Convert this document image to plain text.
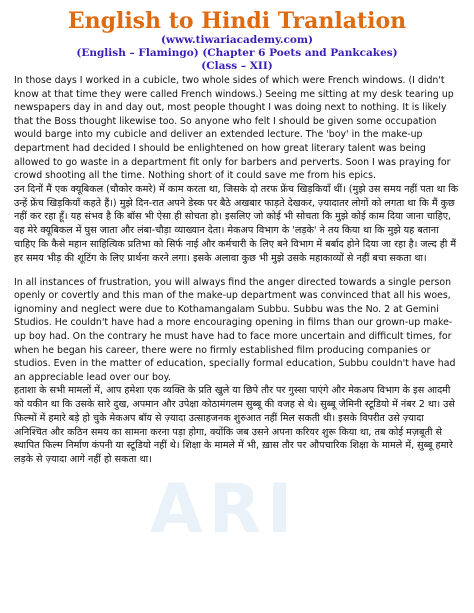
ARI
English to Hindi Tranlation

(www.tiwariacademy.com)

(English – Flamingo) (Chapter 6 Poets and Pankcakes)

(Class – XII)

In those days I worked in a cubicle, two whole sides of which were French windows. (I didn't know at that time they were called French windows.) Seeing me sitting at my desk tearing up newspapers day in and day out, most people thought I was doing next to nothing. It is likely that the Boss thought likewise too. So anyone who felt I should be given some occupation would barge into my cubicle and deliver an extended lecture. The 'boy' in the make-up department had decided I should be enlightened on how great literary talent was being allowed to go waste in a department fit only for barbers and perverts. Soon I was praying for crowd shooting all the time. Nothing short of it could save me from his epics.

उन दिनों मैं एक क्यूबिकल (चौकोर कमरे) में काम करता था, जिसके दो तरफ फ्रेंच खिड़कियाँ थीं। (मुझे उस समय नहीं पता था कि उन्हें फ्रेंच खिड़कियाँ कहते हैं।) मुझे दिन-रात अपने डेस्क पर बैठे अखबार फाड़ते देखकर, ज़्यादातर लोगों को लगता था कि मैं कुछ नहीं कर रहा हूँ। यह संभव है कि बॉस भी ऐसा ही सोचता हो। इसलिए जो कोई भी सोचता कि मुझे कोई काम दिया जाना चाहिए, वह मेरे क्यूबिकल में घुस जाता और लंबा-चौड़ा व्याख्यान देता। मेकअप विभाग के 'लड़के' ने तय किया था कि मुझे यह बताना चाहिए कि कैसे महान साहित्यिक प्रतिभा को सिर्फ नाई और कर्मचारी के लिए बने विभाग में बर्बाद होने दिया जा रहा है। जल्द ही मैं हर समय भीड़ की शूटिंग के लिए प्रार्थना करने लगा। इसके अलावा कुछ भी मुझे उसके महाकाव्यों से नहीं बचा सकता था।

In all instances of frustration, you will always find the anger directed towards a single person openly or covertly and this man of the make-up department was convinced that all his woes, ignominy and neglect were due to Kothamangalam Subbu. Subbu was the No. 2 at Gemini Studios. He couldn't have had a more encouraging opening in films than our grown-up make-up boy had. On the contrary he must have had to face more uncertain and difficult times, for when he began his career, there were no firmly established film producing companies or studios. Even in the matter of education, specially formal education, Subbu couldn't have had an appreciable lead over our boy.

हताशा के सभी मामलों में, आप हमेशा एक व्यक्ति के प्रति खुले या छिपे तौर पर गुस्सा पाएंगे और मेकअप विभाग के इस आदमी को यकीन था कि उसके सारे दुख, अपमान और उपेक्षा कोठामंगलम सुब्बू की वजह से थे। सुब्बू जेमिनी स्टूडियो में नंबर 2 था। उसे फिल्मों में हमारे बड़े हो चुके मेकअप बॉय से ज़्यादा उत्साहजनक शुरुआत नहीं मिल सकती थी। इसके विपरीत उसे ज़्यादा अनिश्चित और कठिन समय का सामना करना पड़ा होगा, क्योंकि जब उसने अपना करियर शुरू किया था, तब कोई मज़बूती से स्थापित फिल्म निर्माण कंपनी या स्टूडियो नहीं थे। शिक्षा के मामले में भी, ख़ास तौर पर औपचारिक शिक्षा के मामले में, सुब्बू हमारे लड़के से ज़्यादा आगे नहीं हो सकता था।
